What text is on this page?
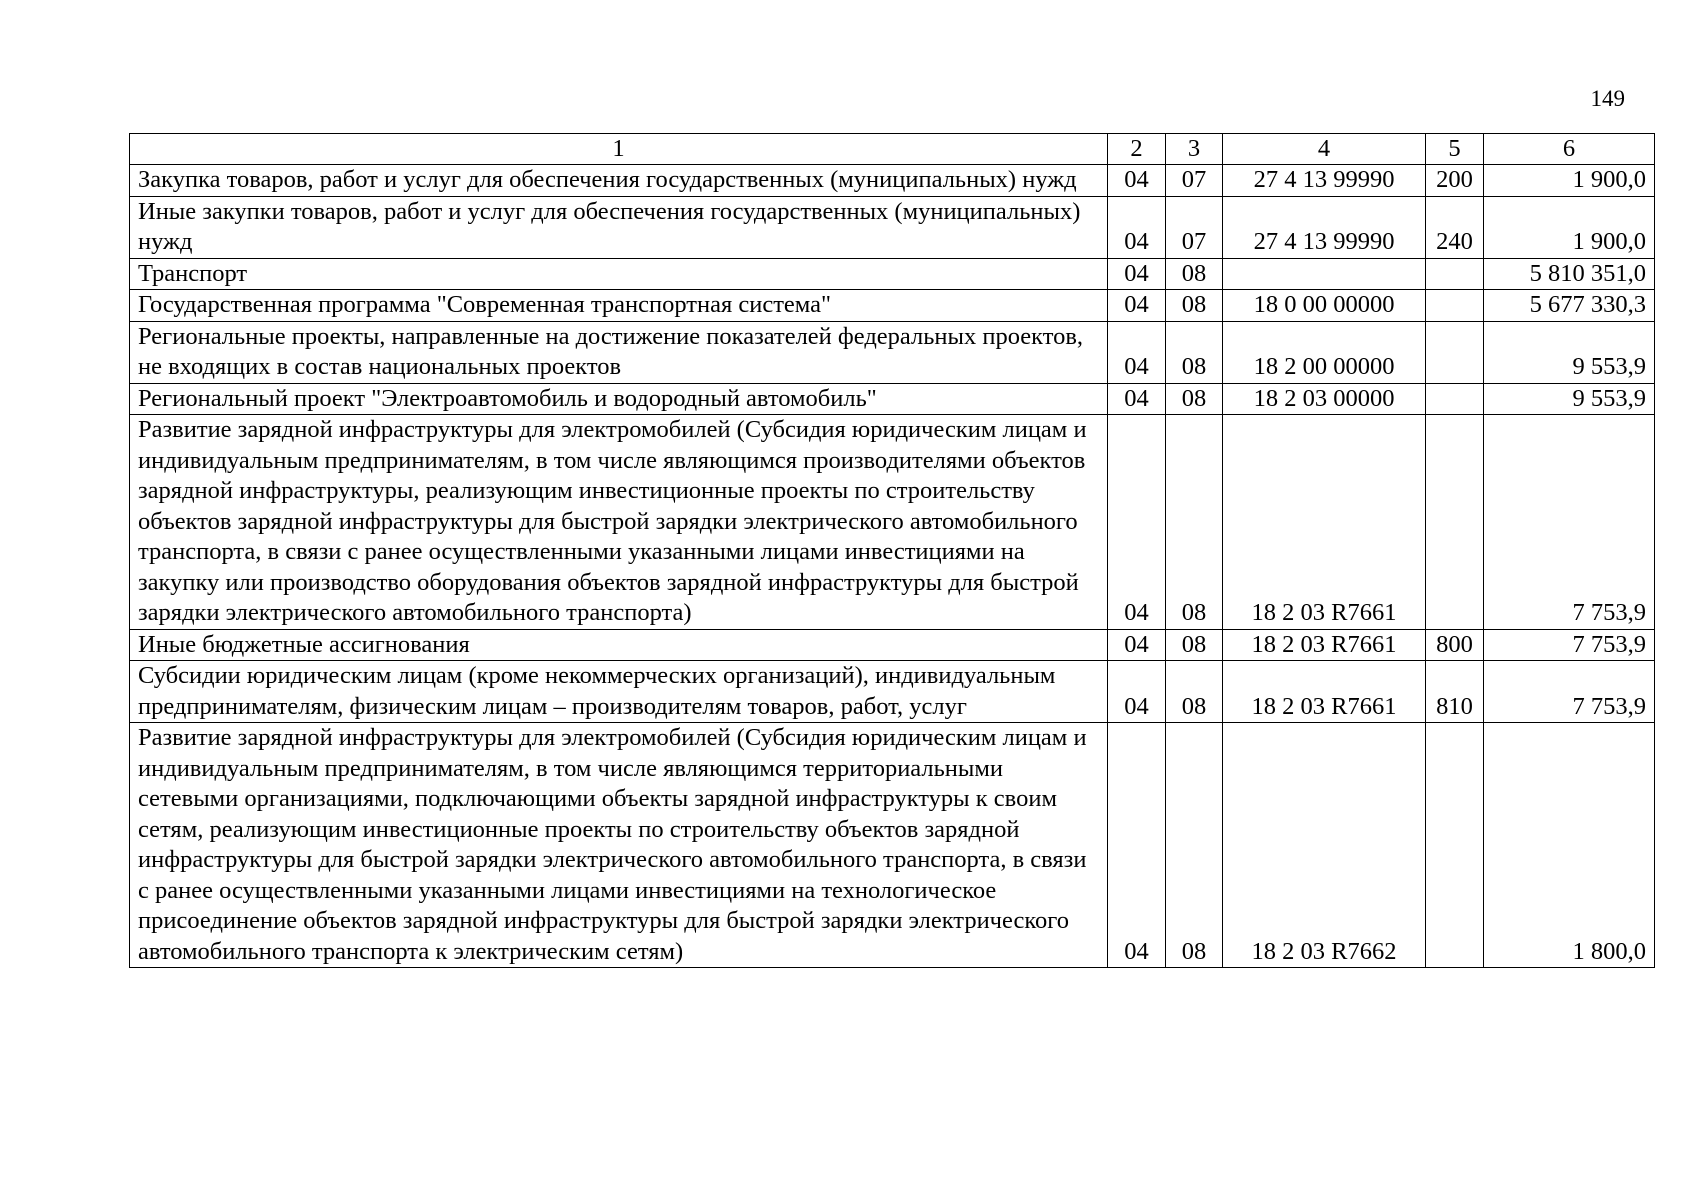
149
1	2	3	4	5	6
Закупка товаров, работ и услуг для обеспечения государственных (муниципальных) нужд	04	07	27 4 13 99990	200	1 900,0
Иные закупки товаров, работ и услуг для обеспечения государственных (муниципальных) нужд	04	07	27 4 13 99990	240	1 900,0
Транспорт	04	08			5 810 351,0
Государственная программа "Современная транспортная система"	04	08	18 0 00 00000		5 677 330,3
Региональные проекты, направленные на достижение показателей федеральных проектов, не входящих в состав национальных проектов	04	08	18 2 00 00000		9 553,9
Региональный проект "Электроавтомобиль и водородный автомобиль"	04	08	18 2 03 00000		9 553,9
Развитие зарядной инфраструктуры для электромобилей (Субсидия юридическим лицам и индивидуальным предпринимателям, в том числе являющимся производителями объектов зарядной инфраструктуры, реализующим инвестиционные проекты по строительству объектов зарядной инфраструктуры для быстрой зарядки электрического автомобильного транспорта, в связи с ранее осуществленными указанными лицами инвестициями на закупку или производство оборудования объектов зарядной инфраструктуры для быстрой зарядки электрического автомобильного транспорта)	04	08	18 2 03 R7661		7 753,9
Иные бюджетные ассигнования	04	08	18 2 03 R7661	800	7 753,9
Субсидии юридическим лицам (кроме некоммерческих организаций), индивидуальным предпринимателям, физическим лицам – производителям товаров, работ, услуг	04	08	18 2 03 R7661	810	7 753,9
Развитие зарядной инфраструктуры для электромобилей (Субсидия юридическим лицам и индивидуальным предпринимателям, в том числе являющимся территориальными сетевыми организациями, подключающими объекты зарядной инфраструктуры к своим сетям, реализующим инвестиционные проекты по строительству объектов зарядной инфраструктуры для быстрой зарядки электрического автомобильного транспорта, в связи с ранее осуществленными указанными лицами инвестициями на технологическое присоединение объектов зарядной инфраструктуры для быстрой зарядки электрического автомобильного транспорта к электрическим сетям)	04	08	18 2 03 R7662		1 800,0
